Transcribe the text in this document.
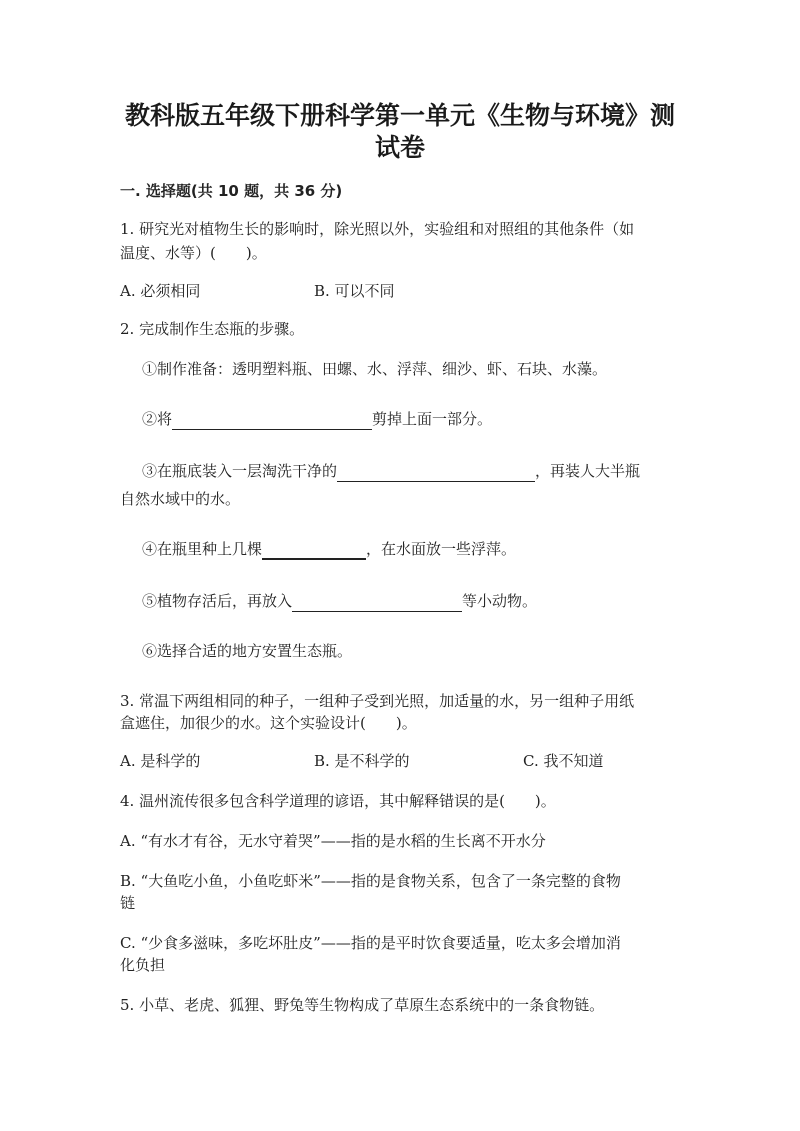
教科版五年级下册科学第一单元《生物与环境》测
试卷
一. 选择题(共 10 题，共 36 分)
1. 研究光对植物生长的影响时，除光照以外，实验组和对照组的其他条件（如
温度、水等）(　　)。
A. 必须相同	B. 可以不同
2. 完成制作生态瓶的步骤。
①制作准备：透明塑料瓶、田螺、水、浮萍、细沙、虾、石块、水藻。
②将	剪掉上面一部分。
③在瓶底装入一层淘洗干净的	，再装人大半瓶
自然水域中的水。
④在瓶里种上几棵	，在水面放一些浮萍。
⑤植物存活后，再放入	等小动物。
⑥选择合适的地方安置生态瓶。
3. 常温下两组相同的种子，一组种子受到光照，加适量的水，另一组种子用纸
盒遮住，加很少的水。这个实验设计(　　)。
A. 是科学的	B. 是不科学的	C. 我不知道
4. 温州流传很多包含科学道理的谚语，其中解释错误的是(　　)。
A. “有水才有谷，无水守着哭”——指的是水稻的生长离不开水分
B. “大鱼吃小鱼，小鱼吃虾米”——指的是食物关系，包含了一条完整的食物
链
C. “少食多滋味，多吃坏肚皮”——指的是平时饮食要适量，吃太多会增加消
化负担
5. 小草、老虎、狐狸、野兔等生物构成了草原生态系统中的一条食物链。
